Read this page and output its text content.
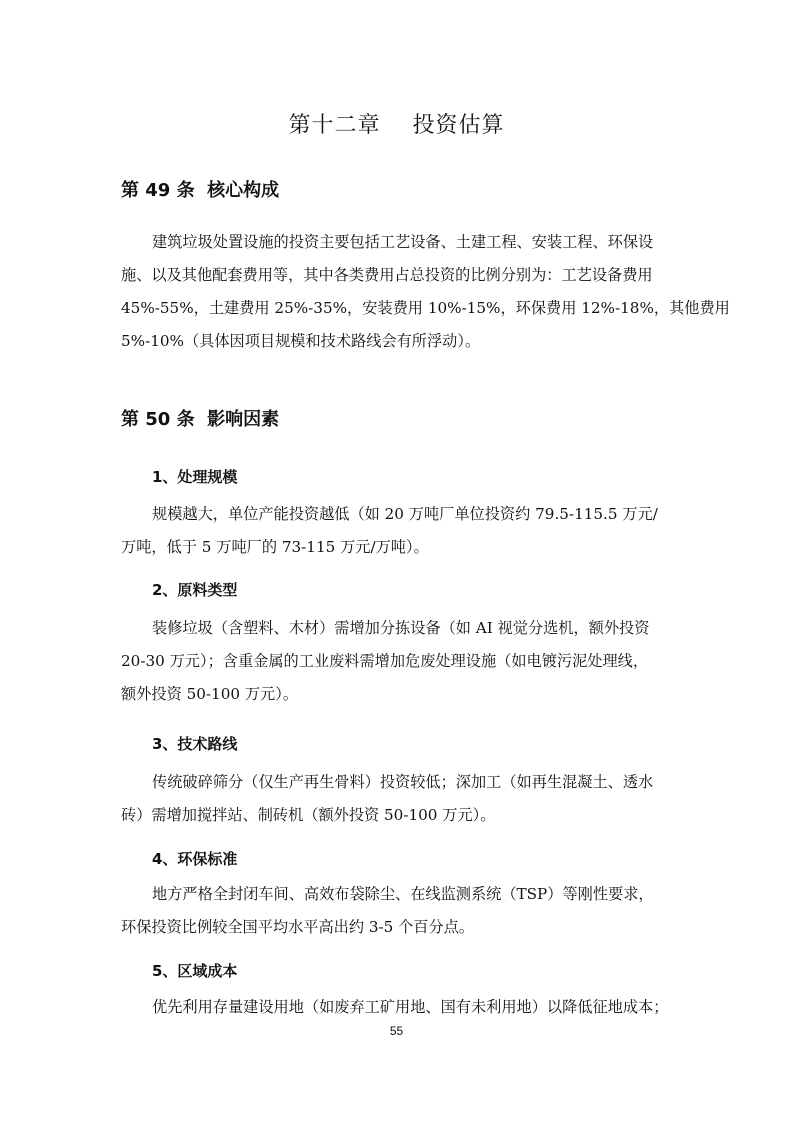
第十二章    投资估算
第 49 条  核心构成

建筑垃圾处置设施的投资主要包括工艺设备、土建工程、安装工程、环保设
施、以及其他配套费用等，其中各类费用占总投资的比例分别为：工艺设备费用
45%-55%，土建费用 25%-35%，安装费用 10%-15%，环保费用 12%-18%，其他费用
5%-10%（具体因项目规模和技术路线会有所浮动）。

第 50 条  影响因素
1、处理规模

规模越大，单位产能投资越低（如 20 万吨厂单位投资约 79.5-115.5 万元/
万吨，低于 5 万吨厂的 73-115 万元/万吨）。

2、原料类型

装修垃圾（含塑料、木材）需增加分拣设备（如 AI 视觉分选机，额外投资
20-30 万元）；含重金属的工业废料需增加危废处理设施（如电镀污泥处理线，
额外投资 50-100 万元）。

3、技术路线

传统破碎筛分（仅生产再生骨料）投资较低；深加工（如再生混凝土、透水
砖）需增加搅拌站、制砖机（额外投资 50-100 万元）。

4、环保标准

地方严格全封闭车间、高效布袋除尘、在线监测系统（TSP）等刚性要求，
环保投资比例较全国平均水平高出约 3-5 个百分点。

5、区域成本

优先利用存量建设用地（如废弃工矿用地、国有未利用地）以降低征地成本；

55
